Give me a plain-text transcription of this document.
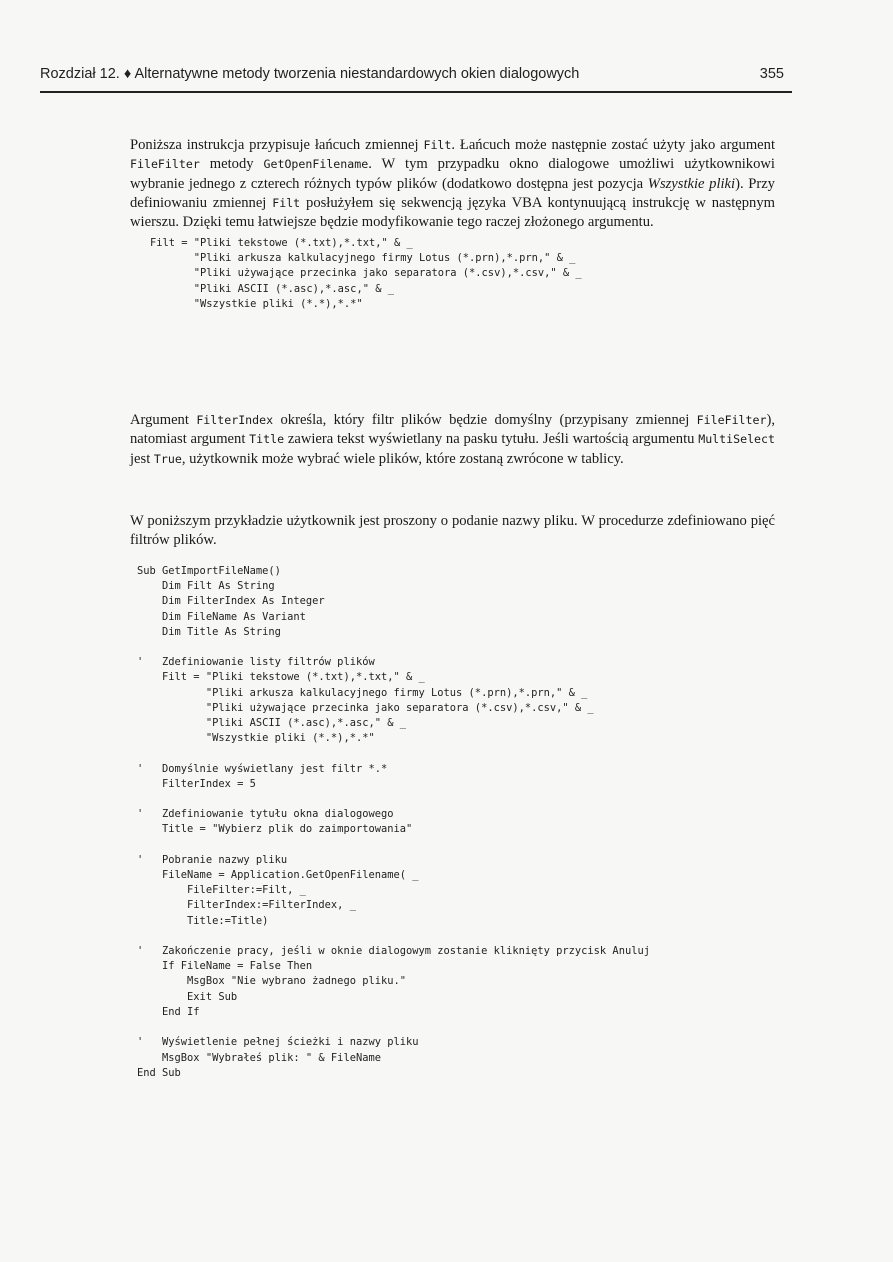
Rozdział 12. ♦ Alternatywne metody tworzenia niestandardowych okien dialogowych	355

Poniższa instrukcja przypisuje łańcuch zmiennej Filt. Łańcuch może następnie zostać użyty jako argument FileFilter metody GetOpenFilename. W tym przypadku okno dialogowe umożliwi użytkownikowi wybranie jednego z czterech różnych typów plików (dodatkowo dostępna jest pozycja Wszystkie pliki). Przy definiowaniu zmiennej Filt posłużyłem się sekwencją języka VBA kontynuującą instrukcję w następnym wierszu. Dzięki temu łatwiejsze będzie modyfikowanie tego raczej złożonego argumentu.

Filt = "Pliki tekstowe (*.txt),*.txt," & _
"Pliki arkusza kalkulacyjnego firmy Lotus (*.prn),*.prn," & _
"Pliki używające przecinka jako separatora (*.csv),*.csv," & _
"Pliki ASCII (*.asc),*.asc," & _
"Wszystkie pliki (*.*),*.*"

Argument FilterIndex określa, który filtr plików będzie domyślny (przypisany zmiennej FileFilter), natomiast argument Title zawiera tekst wyświetlany na pasku tytułu. Jeśli wartością argumentu MultiSelect jest True, użytkownik może wybrać wiele plików, które zostaną zwrócone w tablicy.

W poniższym przykładzie użytkownik jest proszony o podanie nazwy pliku. W procedurze zdefiniowano pięć filtrów plików.

Sub GetImportFileName()
Dim Filt As String
Dim FilterIndex As Integer
Dim FileName As Variant
Dim Title As String

'   Zdefiniowanie listy filtrów plików
Filt = "Pliki tekstowe (*.txt),*.txt," & _
"Pliki arkusza kalkulacyjnego firmy Lotus (*.prn),*.prn," & _
"Pliki używające przecinka jako separatora (*.csv),*.csv," & _
"Pliki ASCII (*.asc),*.asc," & _
"Wszystkie pliki (*.*),*.*"

'   Domyślnie wyświetlany jest filtr *.*
FilterIndex = 5

'   Zdefiniowanie tytułu okna dialogowego
Title = "Wybierz plik do zaimportowania"

'   Pobranie nazwy pliku
FileName = Application.GetOpenFilename( _
FileFilter:=Filt, _
FilterIndex:=FilterIndex, _
Title:=Title)

'   Zakończenie pracy, jeśli w oknie dialogowym zostanie kliknięty przycisk Anuluj
If FileName = False Then
MsgBox "Nie wybrano żadnego pliku."
Exit Sub
End If

'   Wyświetlenie pełnej ścieżki i nazwy pliku
MsgBox "Wybrałeś plik: " & FileName
End Sub
